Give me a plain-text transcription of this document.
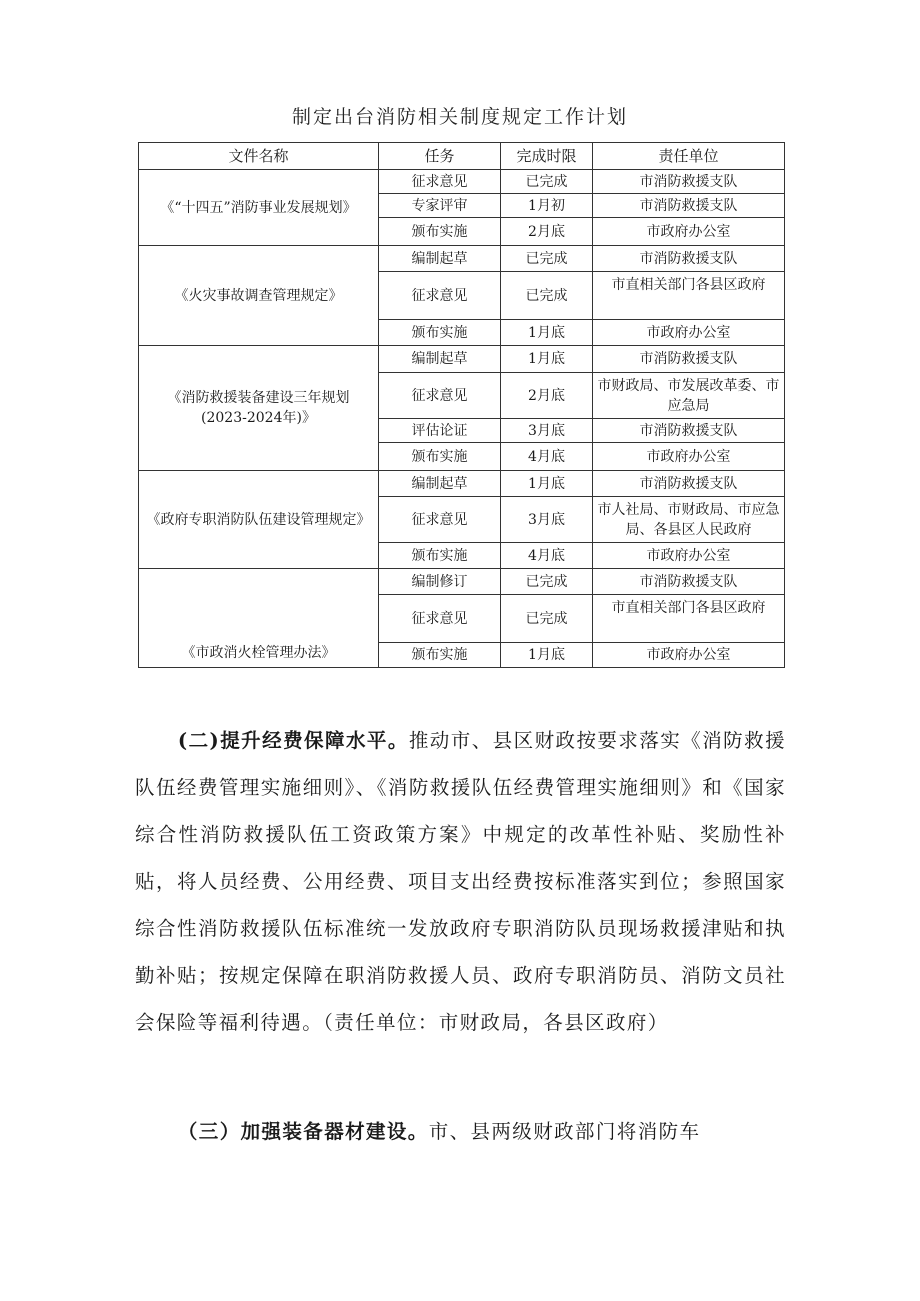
制定出台消防相关制度规定工作计划
文件名称	任务	完成时限	责任单位
《“十四五”消防事业发展规划》	征求意见	已完成	市消防救援支队
	专家评审	1月初	市消防救援支队
	颁布实施	2月底	市政府办公室
《火灾事故调查管理规定》	编制起草	已完成	市消防救援支队
	征求意见	已完成	市直相关部门各县区政府
	颁布实施	1月底	市政府办公室
《消防救援装备建设三年规划(2023-2024年)》	编制起草	1月底	市消防救援支队
	征求意见	2月底	市财政局、市发展改革委、市应急局
	评估论证	3月底	市消防救援支队
	颁布实施	4月底	市政府办公室
《政府专职消防队伍建设管理规定》	编制起草	1月底	市消防救援支队
	征求意见	3月底	市人社局、市财政局、市应急局、各县区人民政府
	颁布实施	4月底	市政府办公室
《市政消火栓管理办法》	编制修订	已完成	市消防救援支队
	征求意见	已完成	市直相关部门各县区政府
	颁布实施	1月底	市政府办公室

(二)提升经费保障水平。推动市、县区财政按要求落实《消防救援队伍经费管理实施细则》、《消防救援队伍经费管理实施细则》和《国家综合性消防救援队伍工资政策方案》中规定的改革性补贴、奖励性补贴，将人员经费、公用经费、项目支出经费按标准落实到位；参照国家综合性消防救援队伍标准统一发放政府专职消防队员现场救援津贴和执勤补贴；按规定保障在职消防救援人员、政府专职消防员、消防文员社会保险等福利待遇。（责任单位：市财政局，各县区政府）

（三）加强装备器材建设。市、县两级财政部门将消防车
